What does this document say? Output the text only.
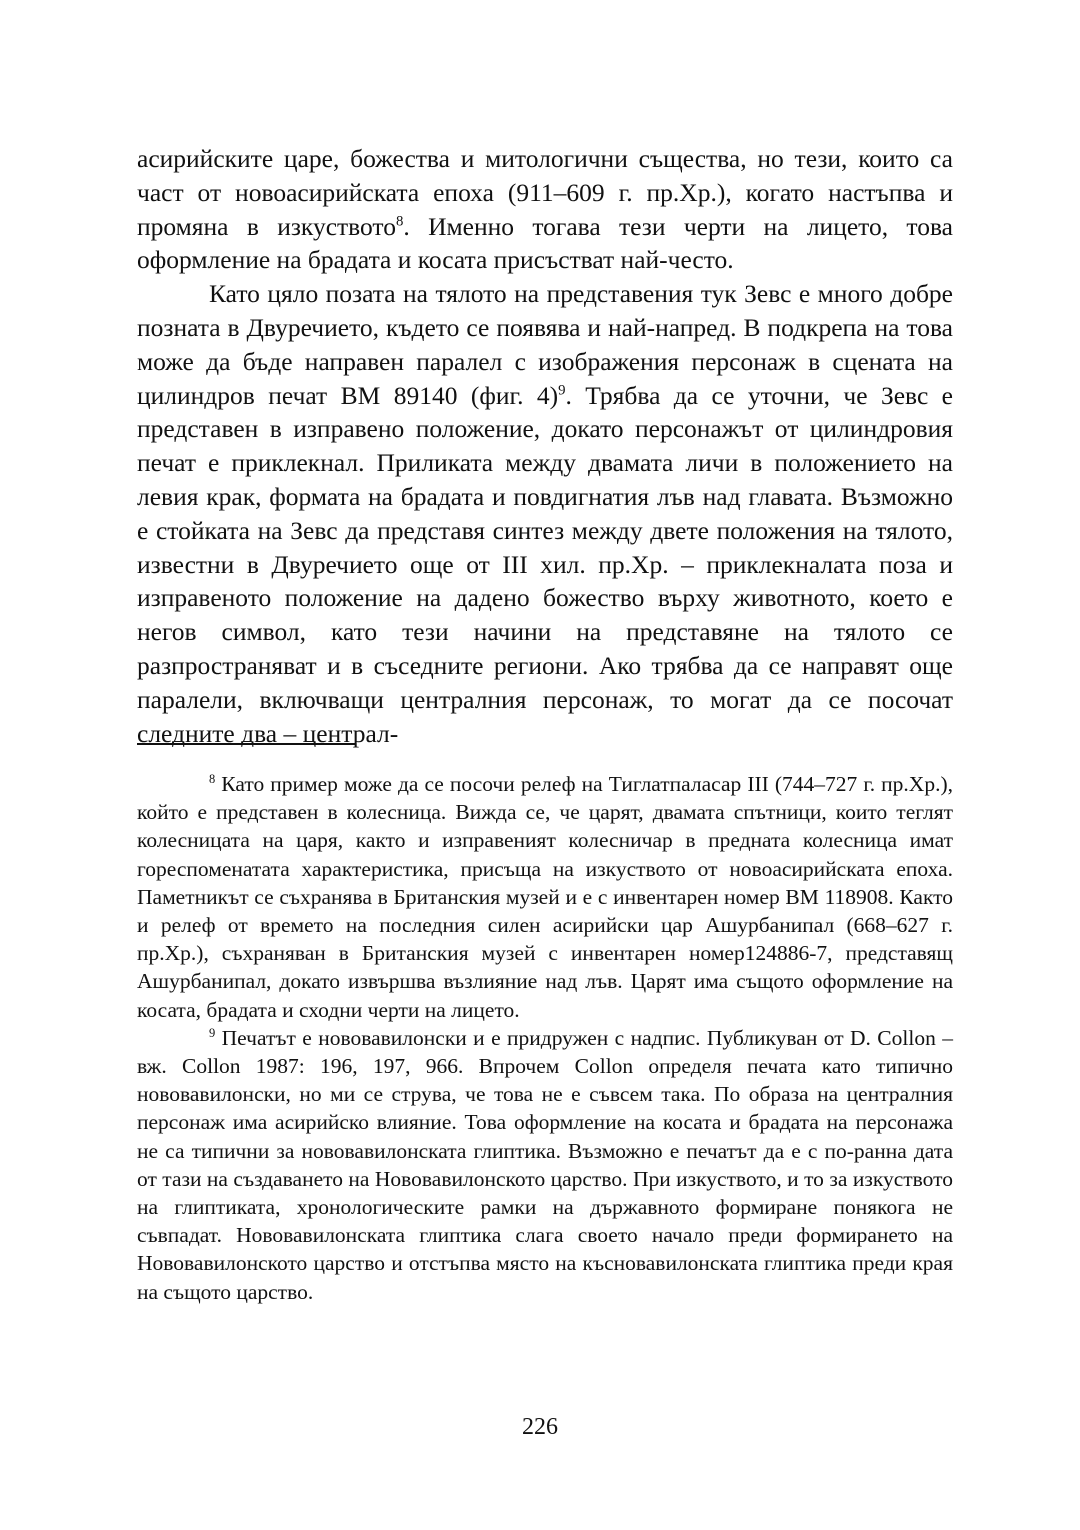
асирийските царе, божества и митологични същества, но тези, които са част от новоасирийската епоха (911–609 г. пр.Хр.), когато настъпва и промяна в изкуството$^8$. Именно тогава тези черти на лицето, това оформление на брадата и косата присъстват най-често.

Като цяло позата на тялото на представения тук Зевс е много добре позната в Двуречието, където се появява и най-напред. В подкрепа на това може да бъде направен паралел с изображения персонаж в сцената на цилиндров печат ВМ 89140 (фиг. 4)$^9$. Трябва да се уточни, че Зевс е представен в изправено положение, докато персонажът от цилиндровия печат е приклекнал. Приликата между двамата личи в положението на левия крак, формата на брадата и повдигнатия лъв над главата. Възможно е стойката на Зевс да представя синтез между двете положения на тялото, известни в Двуречието още от ІІІ хил. пр.Хр. – приклекналата поза и изправеното положение на дадено божество върху животното, което е негов символ, като тези начини на представяне на тялото се разпространяват и в съседните региони. Ако трябва да се направят още паралели, включващи централния персонаж, то могат да се посочат следните два – централ-

$^8$ Като пример може да се посочи релеф на Тиглатпаласар III (744–727 г. пр.Хр.), който е представен в колесница. Вижда се, че царят, двамата спътници, които теглят колесницата на царя, както и изправеният колесничар в предната колесница имат гореспоменатата характеристика, присъща на изкуството от новоасирийската епоха. Паметникът се съхранява в Британския музей и е с инвентарен номер ВМ 118908. Както и релеф от времето на последния силен асирийски цар Ашурбанипал (668–627 г. пр.Хр.), съхраняван в Британския музей с инвентарен номер124886-7, представящ Ашурбанипал, докато извършва възлияние над лъв. Царят има същото оформление на косата, брадата и сходни черти на лицето.

$^9$ Печатът е нововавилонски и е придружен с надпис. Публикуван от D. Collon – вж. Collon 1987: 196, 197, 966. Впрочем Collon определя печата като типично нововавилонски, но ми се струва, че това не е съвсем така. По образа на централния персонаж има асирийско влияние. Това оформление на косата и брадата на персонажа не са типични за нововавилонската глиптика. Възможно е печатът да е с по-ранна дата от тази на създаването на Нововавилонското царство. При изкуството, и то за изкуството на глиптиката, хронологическите рамки на държавното формиране понякога не съвпадат. Нововавилонската глиптика слага своето начало преди формирането на Нововавилонското царство и отстъпва място на късновавилонската глиптика преди края на същото царство.

226
